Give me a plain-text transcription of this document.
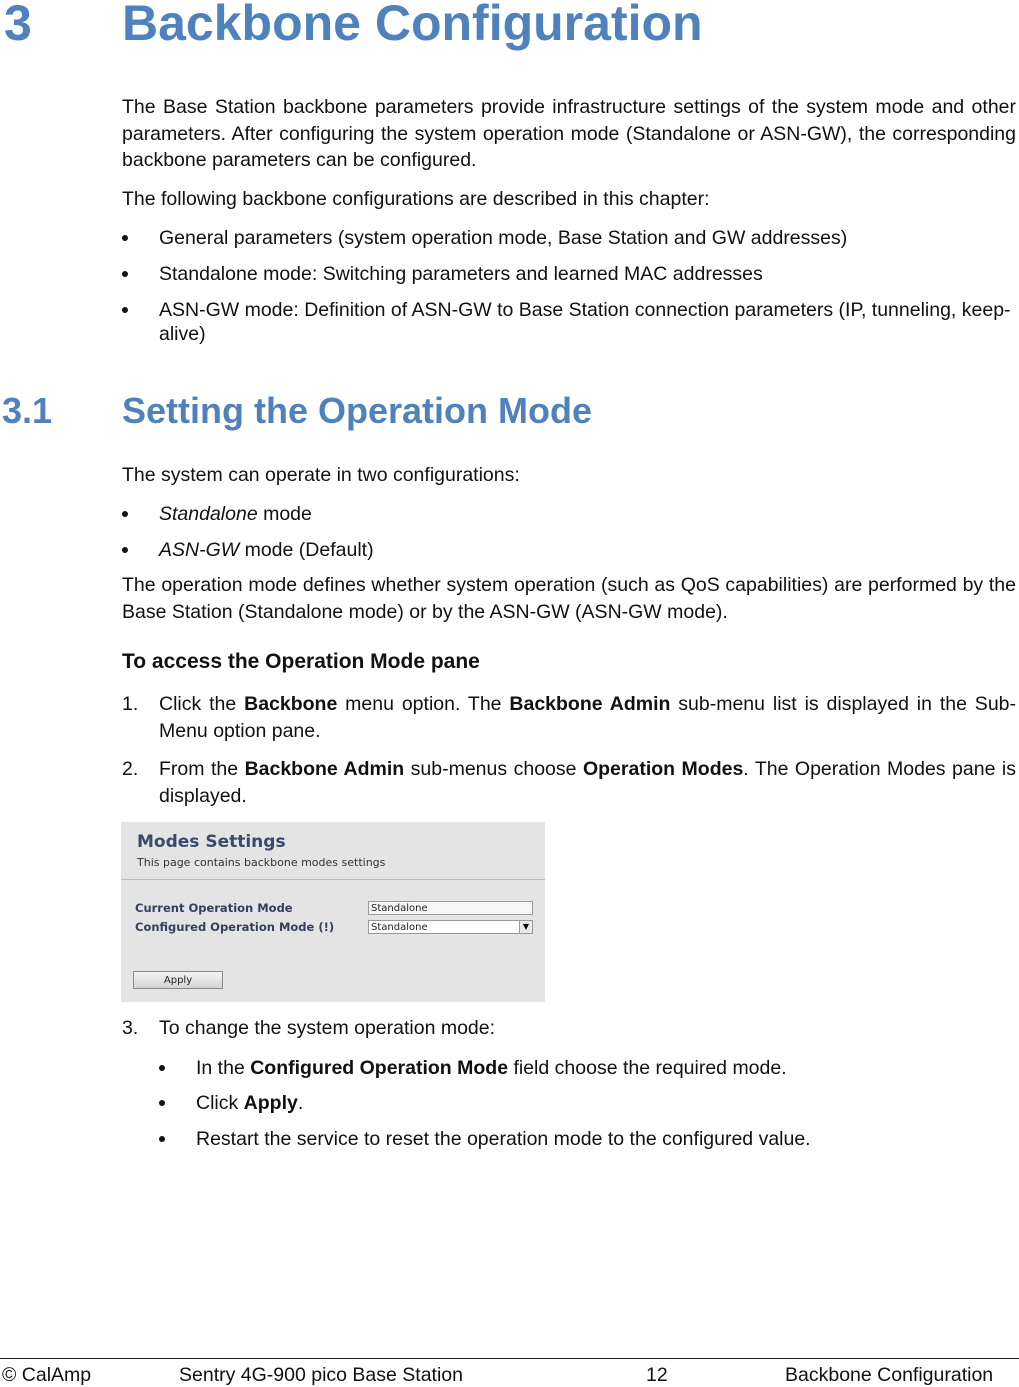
3 Backbone Configuration

The Base Station backbone parameters provide infrastructure settings of the system mode and other parameters. After configuring the system operation mode (Standalone or ASN-GW), the corresponding backbone parameters can be configured.

The following backbone configurations are described in this chapter:

General parameters (system operation mode, Base Station and GW addresses)
Standalone mode: Switching parameters and learned MAC addresses
ASN-GW mode: Definition of ASN-GW to Base Station connection parameters (IP, tunneling, keep-alive)
3.1 Setting the Operation Mode

The system can operate in two configurations:

Standalone mode
ASN-GW mode (Default)

The operation mode defines whether system operation (such as QoS capabilities) are performed by the Base Station (Standalone mode) or by the ASN-GW (ASN-GW mode).

To access the Operation Mode pane
1. Click the Backbone menu option. The Backbone Admin sub-menu list is displayed in the Sub-Menu option pane.
2. From the Backbone Admin sub-menus choose Operation Modes. The Operation Modes pane is displayed.
Modes Settings
This page contains backbone modes settings
Current Operation Mode	Standalone
Configured Operation Mode (!)	Standalone	▼
Apply
3. To change the system operation mode:
In the Configured Operation Mode field choose the required mode.
Click Apply.
Restart the service to reset the operation mode to the configured value.
© CalAmp	Sentry 4G-900 pico Base Station	12	Backbone Configuration
